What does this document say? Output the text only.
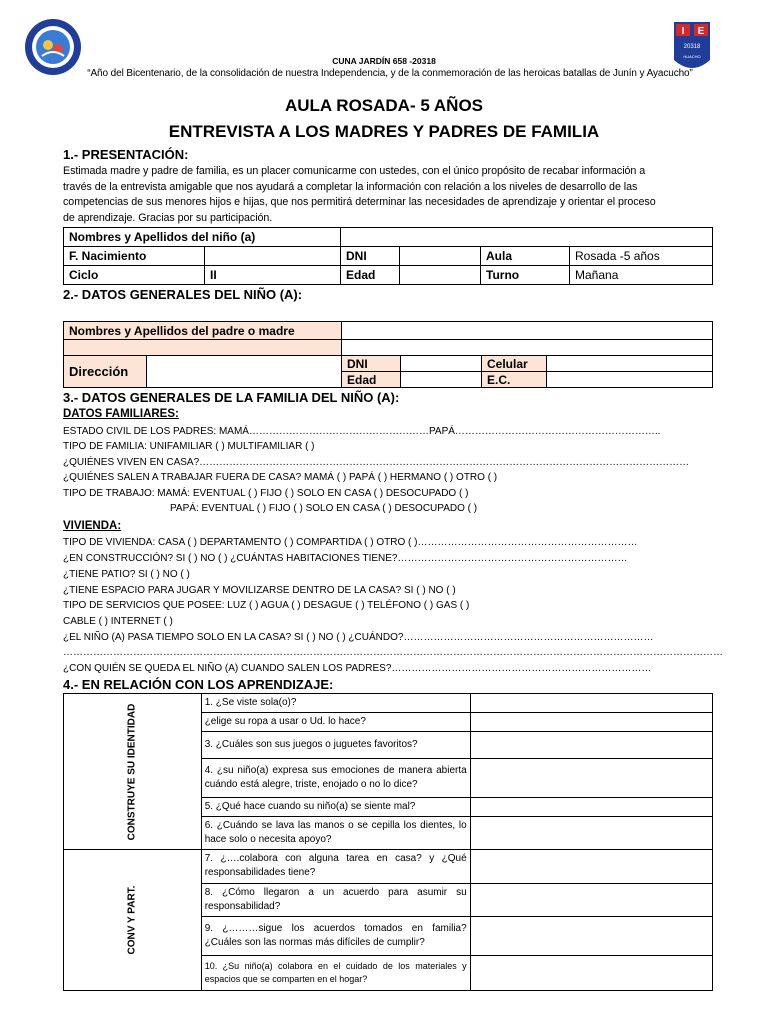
I E
20318
HUACHO
CUNA JARDÍN 658 -20318
“Año del Bicentenario, de la consolidación de nuestra Independencia, y de la conmemoración de las heroicas batallas de Junín y Ayacucho”
AULA ROSADA- 5 AÑOS
ENTREVISTA A LOS MADRES Y PADRES DE FAMILIA
1.- PRESENTACIÓN:
Estimada madre y padre de familia, es un placer comunicarme con ustedes, con el único propósito de recabar información a
través de la entrevista amigable que nos ayudará a completar la información con relación a los niveles de desarrollo de las
competencias de sus menores hijos e hijas, que nos permitirá determinar las necesidades de aprendizaje y orientar el proceso
de aprendizaje. Gracias por su participación.
Nombres y Apellidos del niño (a)					
F. Nacimiento		DNI		Aula	Rosada -5 años
Ciclo	II	Edad		Turno	Mañana
2.- DATOS GENERALES DEL NIÑO (A):
Nombres y Apellidos del padre o madre					

Dirección		DNI		Celular	
		Edad		E.C.	
3.- DATOS GENERALES DE LA FAMILIA DEL NIÑO (A):
DATOS FAMILIARES:
ESTADO CIVIL DE LOS PADRES: MAMÁ………………………………………………PAPÁ……………………………………………………..
TIPO DE FAMILIA: UNIFAMILIAR ( ) MULTIFAMILIAR ( )
¿QUIÉNES VIVEN EN CASA?…………………………………………………………………………………………………………………………………
¿QUIÉNES SALEN A TRABAJAR FUERA DE CASA? MAMÁ ( ) PAPÁ ( ) HERMANO ( ) OTRO ( )
TIPO DE TRABAJO: MAMÁ: EVENTUAL ( ) FIJO ( ) SOLO EN CASA ( ) DESOCUPADO ( )
PAPÁ: EVENTUAL ( ) FIJO ( ) SOLO EN CASA ( ) DESOCUPADO ( )
VIVIENDA:
TIPO DE VIVIENDA: CASA ( ) DEPARTAMENTO ( ) COMPARTIDA ( ) OTRO ( )…………………………………………………………
¿EN CONSTRUCCIÓN? SI ( ) NO ( ) ¿CUÁNTAS HABITACIONES TIENE?……………………………………………………………
¿TIENE PATIO? SI ( ) NO ( )
¿TIENE ESPACIO PARA JUGAR Y MOVILIZARSE DENTRO DE LA CASA? SI ( ) NO ( )
TIPO DE SERVICIOS QUE POSEE: LUZ ( ) AGUA ( ) DESAGUE ( ) TELÉFONO ( ) GAS ( )
CABLE ( ) INTERNET ( )
¿EL NIÑO (A) PASA TIEMPO SOLO EN LA CASA? SI ( ) NO ( ) ¿CUÁNDO?…………………………………………………………………
………………………………………………………………………………………………………………………………………………………………………………
¿CON QUIÉN SE QUEDA EL NIÑO (A) CUANDO SALEN LOS PADRES?……………………………………………………………………
4.- EN RELACIÓN CON LOS APRENDIZAJE:
CONSTRUYE SU IDENTIDAD	1. ¿Se viste sola(o)?	
	¿elige su ropa a usar o Ud. lo hace?	
	3. ¿Cuáles son sus juegos o juguetes favoritos?	
	4. ¿su niño(a) expresa sus emociones de manera abierta cuándo está alegre, triste, enojado o no lo dice?	
	5. ¿Qué hace cuando su niño(a) se siente mal?	
	6. ¿Cuándo se lava las manos o se cepilla los dientes, lo hace solo o necesita apoyo?	
CONV Y PART.	7. ¿….colabora con alguna tarea en casa? y ¿Qué responsabilidades tiene?	
	8. ¿Cómo llegaron a un acuerdo para asumir su responsabilidad?	
	9. ¿………sigue los acuerdos tomados en familia? ¿Cuáles son las normas más difíciles de cumplir?	
	10. ¿Su niño(a) colabora en el cuidado de los materiales y espacios que se comparten en el hogar?	
